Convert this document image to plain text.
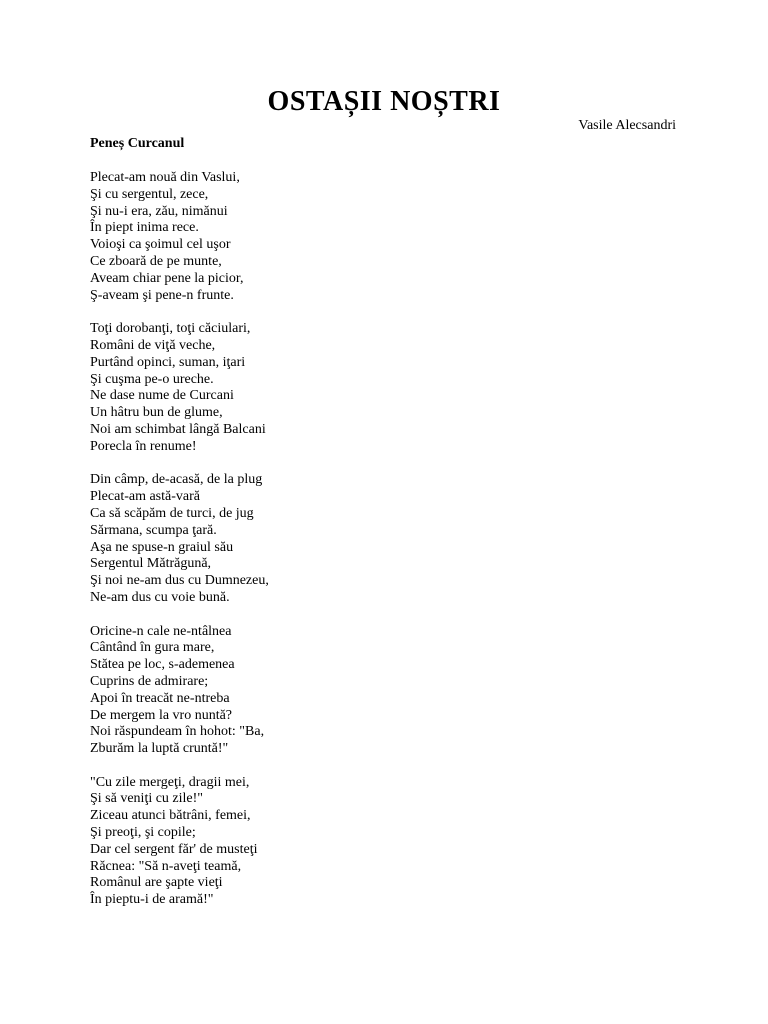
OSTAȘII NOȘTRI

Vasile Alecsandri

Peneș Curcanul

Plecat-am nouă din Vaslui,
Şi cu sergentul, zece,
Şi nu-i era, zău, nimănui
În piept inima rece.
Voioşi ca şoimul cel uşor
Ce zboară de pe munte,
Aveam chiar pene la picior,
Ş-aveam şi pene-n frunte.
Toţi dorobanţi, toţi căciulari,
Români de viţă veche,
Purtând opinci, suman, iţari
Şi cuşma pe-o ureche.
Ne dase nume de Curcani
Un hâtru bun de glume,
Noi am schimbat lângă Balcani
Porecla în renume!
Din câmp, de-acasă, de la plug
Plecat-am astă-vară
Ca să scăpăm de turci, de jug
Sărmana, scumpa ţară.
Aşa ne spuse-n graiul său
Sergentul Mătrăgună,
Şi noi ne-am dus cu Dumnezeu,
Ne-am dus cu voie bună.
Oricine-n cale ne-ntâlnea
Cântând în gura mare,
Stătea pe loc, s-ademenea
Cuprins de admirare;
Apoi în treacăt ne-ntreba
De mergem la vro nuntă?
Noi răspundeam în hohot: "Ba,
Zburăm la luptă cruntă!"
"Cu zile mergeţi, dragii mei,
Şi să veniţi cu zile!"
Ziceau atunci bătrâni, femei,
Şi preoţi, şi copile;
Dar cel sergent făr' de musteţi
Răcnea: "Să n-aveţi teamă,
Românul are şapte vieţi
În pieptu-i de aramă!"
